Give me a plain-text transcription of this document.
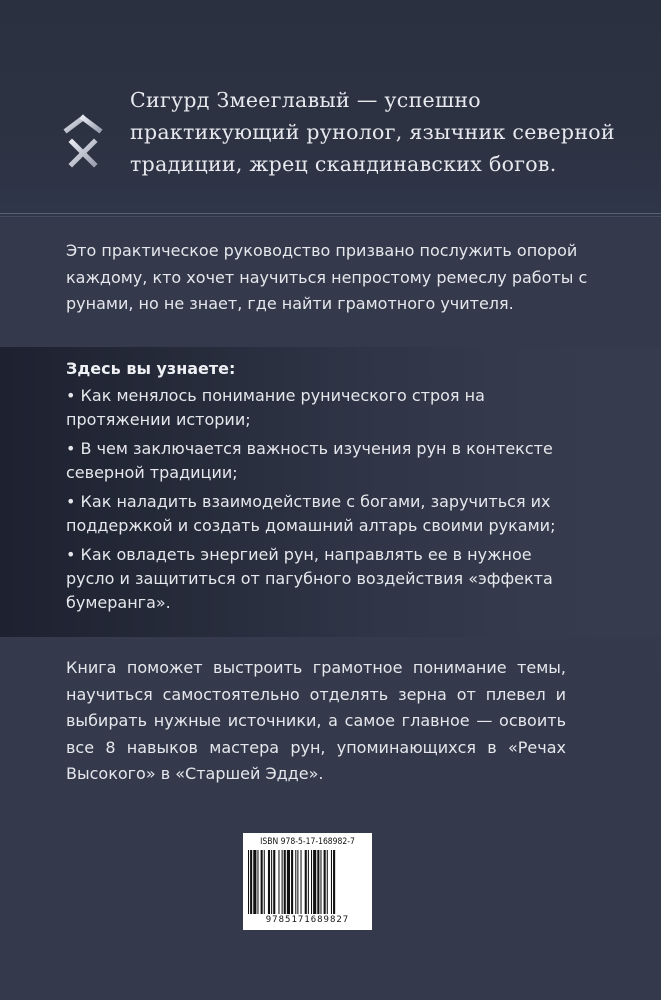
Сигурд Змееглавый — успешно практикующий рунолог, язычник северной традиции, жрец скандинавских богов.

Это практическое руководство призвано послужить опорой каждому, кто хочет научиться непростому ремеслу работы с рунами, но не знает, где найти грамотного учителя.

Здесь вы узнаете:
• Как менялось понимание рунического строя на протяжении истории;
• В чем заключается важность изучения рун в контексте северной традиции;
• Как наладить взаимодействие с богами, заручиться их поддержкой и создать домашний алтарь своими руками;
• Как овладеть энергией рун, направлять ее в нужное русло и защититься от пагубного воздействия «эффекта бумеранга».

Книга поможет выстроить грамотное понимание темы, научиться самостоятельно отделять зерна от плевел и выбирать нужные источники, а самое главное — освоить все 8 навыков мастера рун, упоминающихся в «Речах Высокого» в «Старшей Эдде».

ISBN 978-5-17-168982-7
9785171689827
